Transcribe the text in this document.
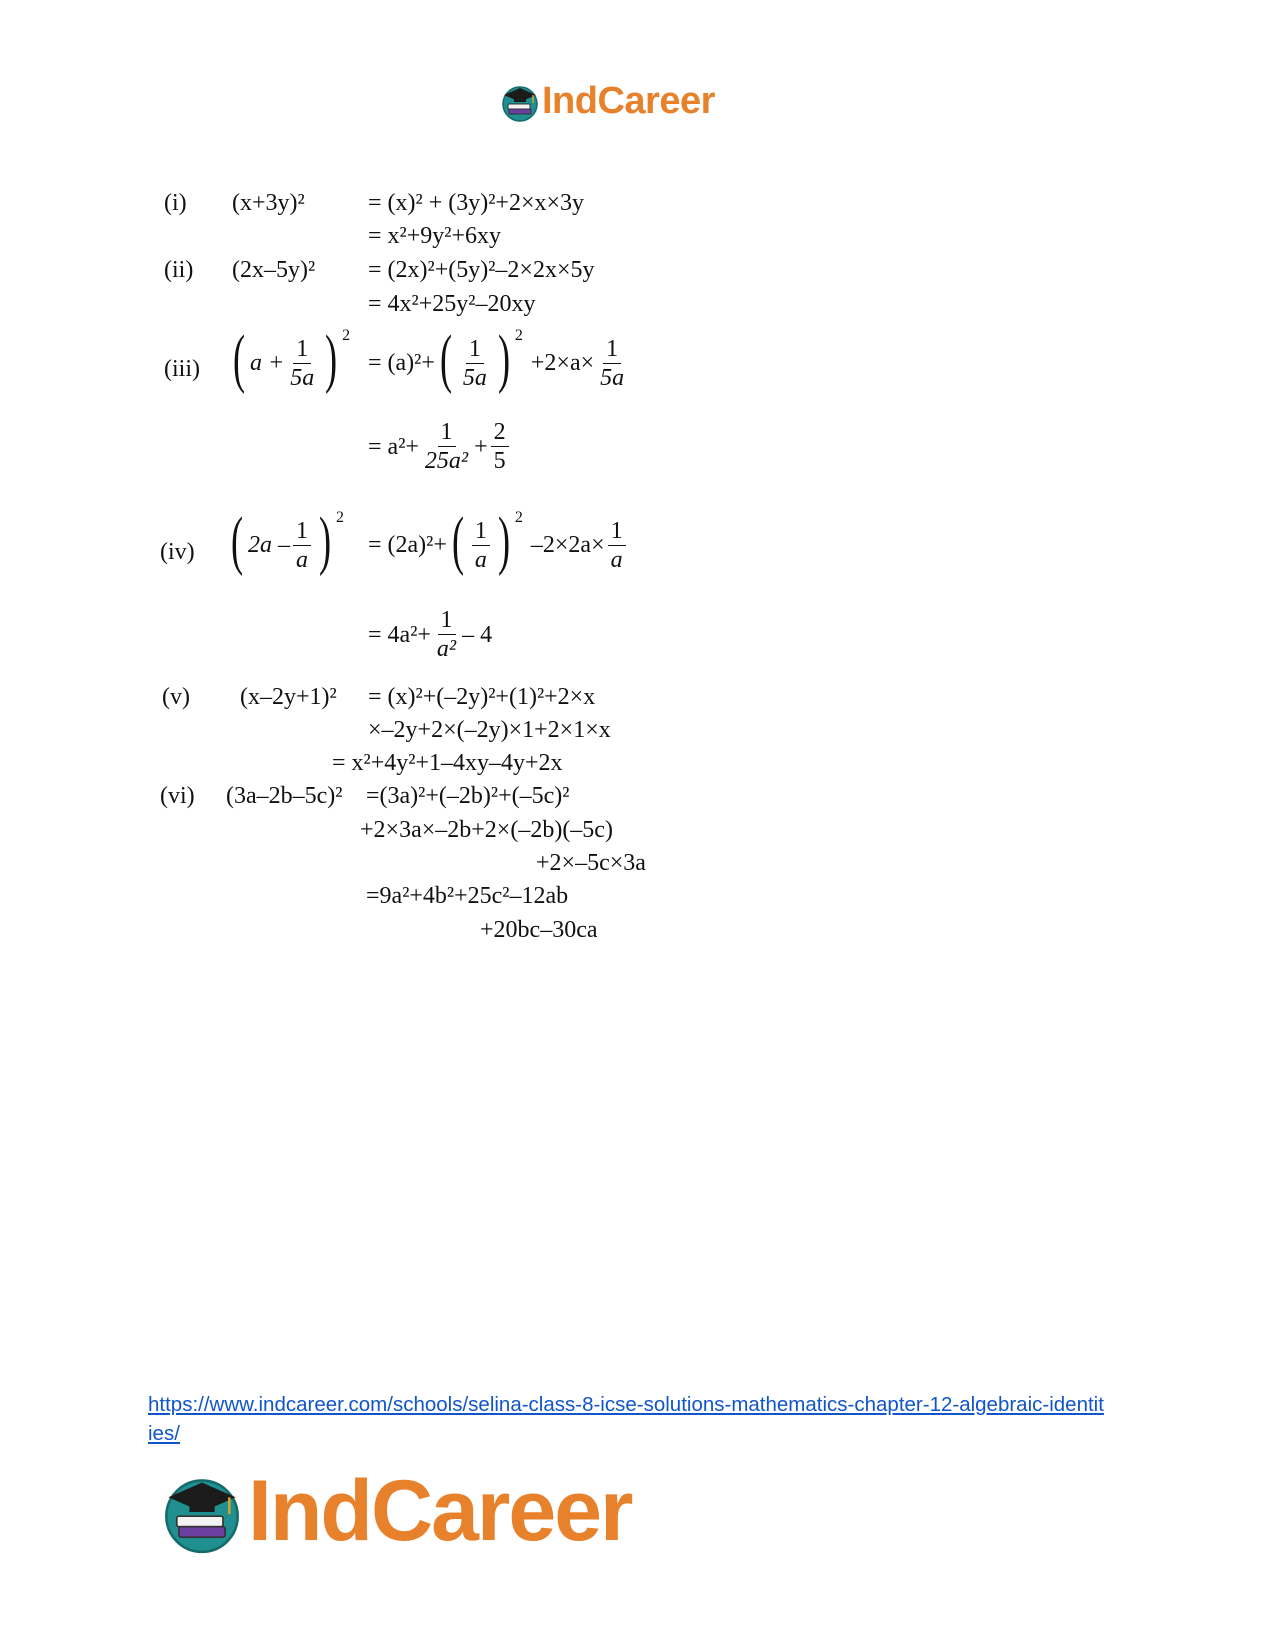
IndCareer
(i) (x+3y)²	= (x)² + (3y)²+2×x×3y
= x²+9y²+6xy
(ii) (2x–5y)² = (2x)²+(5y)²–2×2x×5y
= 4x²+25y²–20xy
(iii) ( $a + \frac{1}{5a}$ ) 2
= (a)²+ ( $\frac{1}{5a}$ ) 2
$+2\times a\times \frac{1}{5a}$
= $a^2+ \frac{1}{\text{25a²}} + \frac{2}{5}$
(iv) ( $2a - \frac{1}{a}$ ) 2
= (2a)²+ ( $\frac{1}{a}$ ) 2
$-2\times 2a\times \frac{1}{a}$
= $4a^2+ \frac{1}{\text{a²}} - 4$
(v) (x–2y+1)² = (x)²+(–2y)²+(1)²+2×x
×–2y+2×(–2y)×1+2×1×x
= x²+4y²+1–4xy–4y+2x
(vi) (3a–2b–5c)² =(3a)²+(–2b)²+(–5c)²
+2×3a×–2b+2×(–2b)(–5c)
+2×–5c×3a
=9a²+4b²+25c²–12ab
+20bc–30ca
https://www.indcareer.com/schools/selina-class-8-icse-solutions-mathematics-chapter-12-algebraic-identities/
IndCareer
